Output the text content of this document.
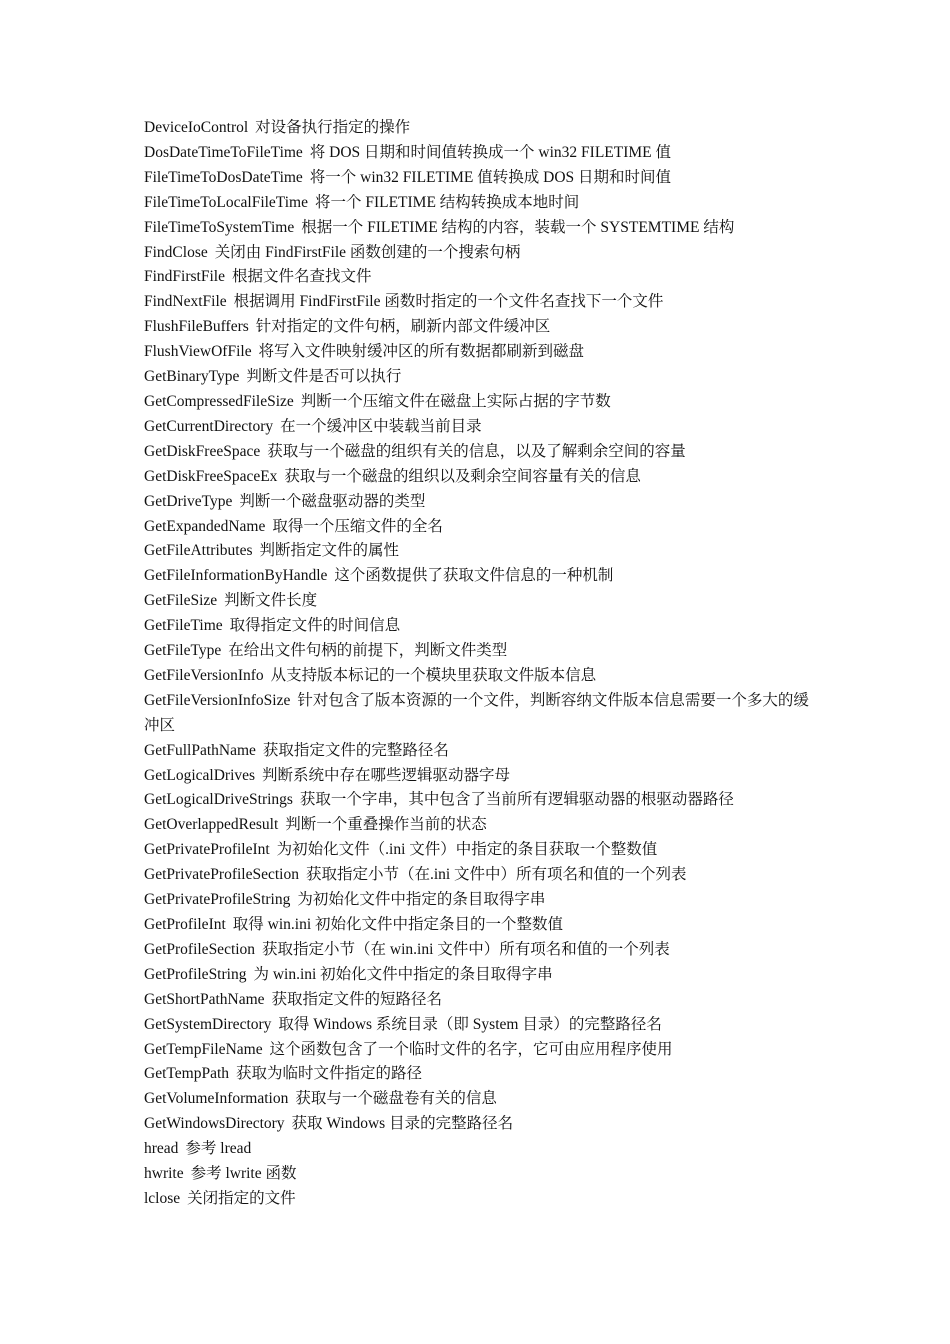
DeviceIoControl 对设备执行指定的操作
DosDateTimeToFileTime 将 DOS 日期和时间值转换成一个 win32 FILETIME 值
FileTimeToDosDateTime 将一个 win32 FILETIME 值转换成 DOS 日期和时间值
FileTimeToLocalFileTime 将一个 FILETIME 结构转换成本地时间
FileTimeToSystemTime 根据一个 FILETIME 结构的内容，装载一个 SYSTEMTIME 结构
FindClose 关闭由 FindFirstFile 函数创建的一个搜索句柄
FindFirstFile 根据文件名查找文件
FindNextFile 根据调用 FindFirstFile 函数时指定的一个文件名查找下一个文件
FlushFileBuffers 针对指定的文件句柄，刷新内部文件缓冲区
FlushViewOfFile 将写入文件映射缓冲区的所有数据都刷新到磁盘
GetBinaryType 判断文件是否可以执行
GetCompressedFileSize 判断一个压缩文件在磁盘上实际占据的字节数
GetCurrentDirectory 在一个缓冲区中装载当前目录
GetDiskFreeSpace 获取与一个磁盘的组织有关的信息，以及了解剩余空间的容量
GetDiskFreeSpaceEx 获取与一个磁盘的组织以及剩余空间容量有关的信息
GetDriveType 判断一个磁盘驱动器的类型
GetExpandedName 取得一个压缩文件的全名
GetFileAttributes 判断指定文件的属性
GetFileInformationByHandle 这个函数提供了获取文件信息的一种机制
GetFileSize 判断文件长度
GetFileTime 取得指定文件的时间信息
GetFileType 在给出文件句柄的前提下，判断文件类型
GetFileVersionInfo 从支持版本标记的一个模块里获取文件版本信息
GetFileVersionInfoSize 针对包含了版本资源的一个文件，判断容纳文件版本信息需要一个多大的缓冲区
GetFullPathName 获取指定文件的完整路径名
GetLogicalDrives 判断系统中存在哪些逻辑驱动器字母
GetLogicalDriveStrings 获取一个字串，其中包含了当前所有逻辑驱动器的根驱动器路径
GetOverlappedResult 判断一个重叠操作当前的状态
GetPrivateProfileInt 为初始化文件（.ini 文件）中指定的条目获取一个整数值
GetPrivateProfileSection 获取指定小节（在.ini 文件中）所有项名和值的一个列表
GetPrivateProfileString 为初始化文件中指定的条目取得字串
GetProfileInt 取得 win.ini 初始化文件中指定条目的一个整数值
GetProfileSection 获取指定小节（在 win.ini 文件中）所有项名和值的一个列表
GetProfileString 为 win.ini 初始化文件中指定的条目取得字串
GetShortPathName 获取指定文件的短路径名
GetSystemDirectory 取得 Windows 系统目录（即 System 目录）的完整路径名
GetTempFileName 这个函数包含了一个临时文件的名字，它可由应用程序使用
GetTempPath 获取为临时文件指定的路径
GetVolumeInformation 获取与一个磁盘卷有关的信息
GetWindowsDirectory 获取 Windows 目录的完整路径名
hread 参考 lread
hwrite 参考 lwrite 函数
lclose 关闭指定的文件
